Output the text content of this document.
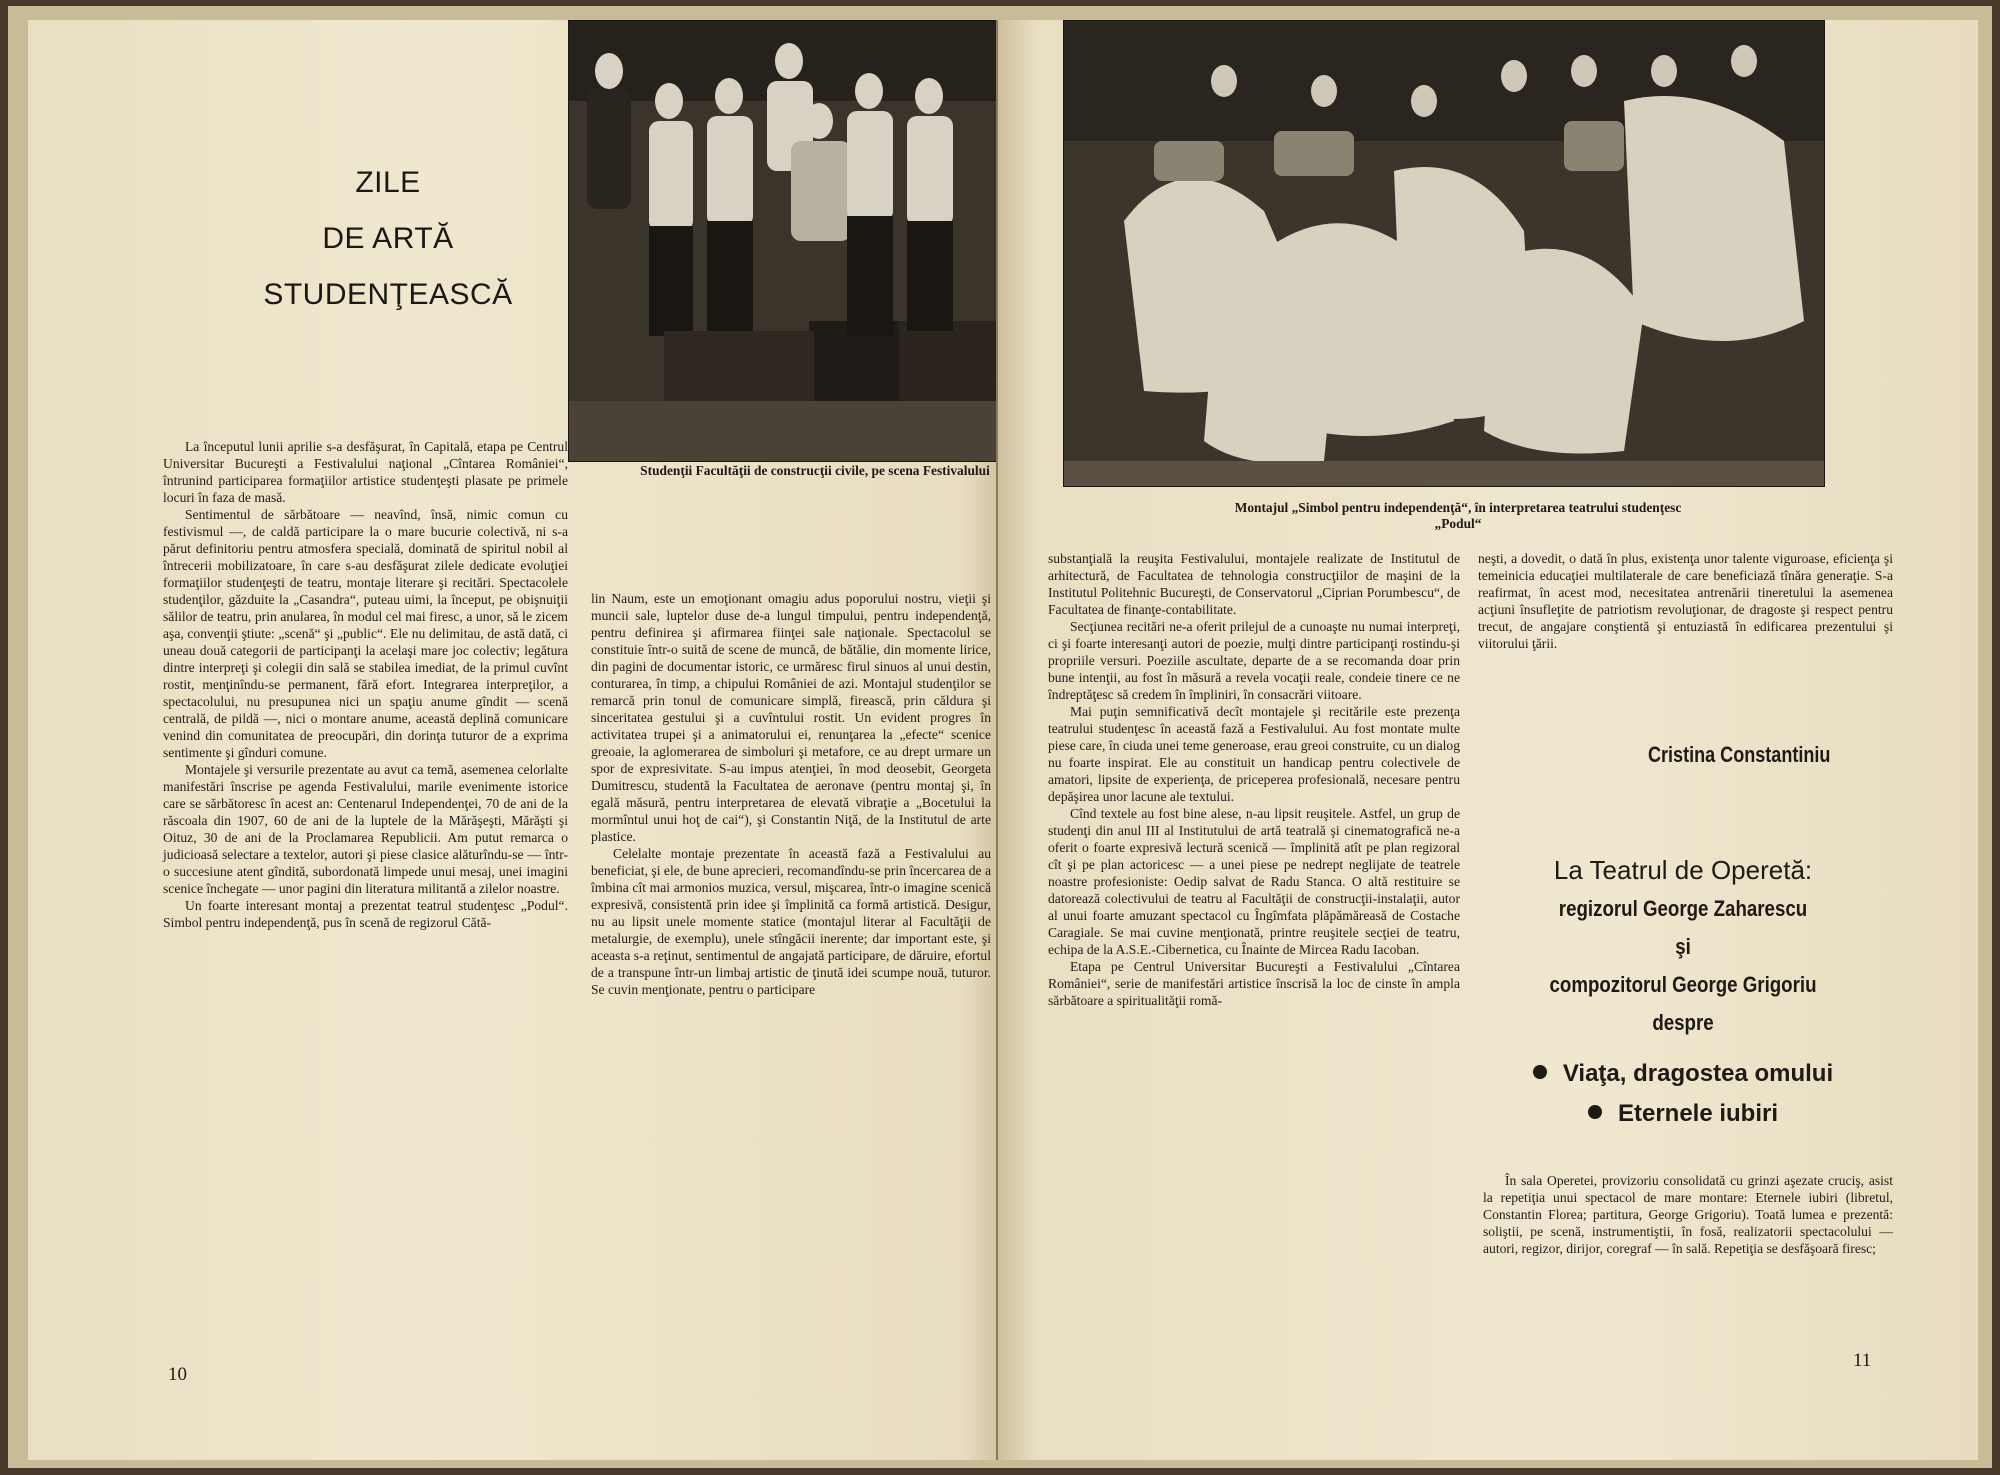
ZILE
DE ARTĂ
STUDENŢEASCĂ
Studenţii Facultăţii de construcţii civile, pe scena Festivalului

La începutul lunii aprilie s-a desfăşurat, în Capitală, etapa pe Centrul Universitar Bucureşti a Festivalului naţional „Cîntarea României“, întrunind participarea formaţiilor artistice studenţeşti plasate pe primele locuri în faza de masă.

Sentimentul de sărbătoare — neavînd, însă, nimic comun cu festivismul —, de caldă participare la o mare bucurie colectivă, ni s-a părut definitoriu pentru atmosfera specială, dominată de spiritul nobil al întrecerii mobilizatoare, în care s-au desfăşurat zilele dedicate evoluţiei formaţiilor studenţeşti de teatru, montaje literare şi recitări. Spectacolele studenţilor, găzduite la „Casandra“, puteau uimi, la început, pe obişnuiţii sălilor de teatru, prin anularea, în modul cel mai firesc, a unor, să le zicem aşa, convenţii ştiute: „scenă“ şi „public“. Ele nu delimitau, de astă dată, ci uneau două categorii de participanţi la acelaşi mare joc colectiv; legătura dintre interpreţi şi colegii din sală se stabilea imediat, de la primul cuvînt rostit, menţinîndu-se permanent, fără efort. Integrarea interpreţilor, a spectacolului, nu presupunea nici un spaţiu anume gîndit — scenă centrală, de pildă —, nici o montare anume, această deplină comunicare venind din comunitatea de preocupări, din dorinţa tuturor de a exprima sentimente şi gînduri comune.

Montajele şi versurile prezentate au avut ca temă, asemenea celorlalte manifestări înscrise pe agenda Festivalului, marile evenimente istorice care se sărbătoresc în acest an: Centenarul Independenţei, 70 de ani de la răscoala din 1907, 60 de ani de la luptele de la Mărăşeşti, Mărăşti şi Oituz, 30 de ani de la Proclamarea Republicii. Am putut remarca o judicioasă selectare a textelor, autori şi piese clasice alăturîndu-se — într-o succesiune atent gîndită, subordonată limpede unui mesaj, unei imagini scenice închegate — unor pagini din literatura militantă a zilelor noastre.

Un foarte interesant montaj a prezentat teatrul studenţesc „Podul“. Simbol pentru independenţă, pus în scenă de regizorul Cătă-

lin Naum, este un emoţionant omagiu adus poporului nostru, vieţii şi muncii sale, luptelor duse de-a lungul timpului, pentru independenţă, pentru definirea şi afirmarea fiinţei sale naţionale. Spectacolul se constituie într-o suită de scene de muncă, de bătălie, din momente lirice, din pagini de documentar istoric, ce urmăresc firul sinuos al unui destin, conturarea, în timp, a chipului României de azi. Montajul studenţilor se remarcă prin tonul de comunicare simplă, firească, prin căldura şi sinceritatea gestului şi a cuvîntului rostit. Un evident progres în activitatea trupei şi a animatorului ei, renunţarea la „efecte“ scenice greoaie, la aglomerarea de simboluri şi metafore, ce au drept urmare un spor de expresivitate. S-au impus atenţiei, în mod deosebit, Georgeta Dumitrescu, studentă la Facultatea de aeronave (pentru montaj şi, în egală măsură, pentru interpretarea de elevată vibraţie a „Bocetului la mormîntul unui hoţ de cai“), şi Constantin Niţă, de la Institutul de arte plastice.

Celelalte montaje prezentate în această fază a Festivalului au beneficiat, şi ele, de bune aprecieri, recomandîndu-se prin încercarea de a îmbina cît mai armonios muzica, versul, mişcarea, într-o imagine scenică expresivă, consistentă prin idee şi împlinită ca formă artistică. Desigur, nu au lipsit unele momente statice (montajul literar al Facultăţii de metalurgie, de exemplu), unele stîngăcii inerente; dar important este, şi aceasta s-a reţinut, sentimentul de angajată participare, de dăruire, efortul de a transpune într-un limbaj artistic de ţinută idei scumpe nouă, tuturor. Se cuvin menţionate, pentru o participare

10
Montajul „Simbol pentru independenţă“, în interpretarea teatrului studenţesc
„Podul“

substanţială la reuşita Festivalului, montajele realizate de Institutul de arhitectură, de Facultatea de tehnologia construcţiilor de maşini de la Institutul Politehnic Bucureşti, de Conservatorul „Ciprian Porumbescu“, de Facultatea de finanţe-contabilitate.

Secţiunea recitări ne-a oferit prilejul de a cunoaşte nu numai interpreţi, ci şi foarte interesanţi autori de poezie, mulţi dintre participanţi rostindu-şi propriile versuri. Poeziile ascultate, departe de a se recomanda doar prin bune intenţii, au fost în măsură a revela vocaţii reale, condeie tinere ce ne îndreptăţesc să credem în împliniri, în consacrări viitoare.

Mai puţin semnificativă decît montajele şi recitările este prezenţa teatrului studenţesc în această fază a Festivalului. Au fost montate multe piese care, în ciuda unei teme generoase, erau greoi construite, cu un dialog nu foarte inspirat. Ele au constituit un handicap pentru colectivele de amatori, lipsite de experienţa, de priceperea profesională, necesare pentru depăşirea unor lacune ale textului.

Cînd textele au fost bine alese, n-au lipsit reuşitele. Astfel, un grup de studenţi din anul III al Institutului de artă teatrală şi cinematografică ne-a oferit o foarte expresivă lectură scenică — împlinită atît pe plan regizoral cît şi pe plan actoricesc — a unei piese pe nedrept neglijate de teatrele noastre profesioniste: Oedip salvat de Radu Stanca. O altă restituire se datorează colectivului de teatru al Facultăţii de construcţii-instalaţii, autor al unui foarte amuzant spectacol cu Îngîmfata plăpămăreasă de Costache Caragiale. Se mai cuvine menţionată, printre reuşitele secţiei de teatru, echipa de la A.S.E.-Cibernetica, cu Înainte de Mircea Radu Iacoban.

Etapa pe Centrul Universitar Bucureşti a Festivalului „Cîntarea României“, serie de manifestări artistice înscrisă la loc de cinste în ampla sărbătoare a spiritualităţii romă-

neşti, a dovedit, o dată în plus, existenţa unor talente viguroase, eficienţa şi temeinicia educaţiei multilaterale de care beneficiază tînăra generaţie. S-a reafirmat, în acest mod, necesitatea antrenării tineretului la asemenea acţiuni însufleţite de patriotism revoluţionar, de dragoste şi respect pentru trecut, de angajare conştientă şi entuziastă în edificarea prezentului şi viitorului ţării.

Cristina Constantiniu
La Teatrul de Operetă:
regizorul George Zaharescu
şi
compozitorul George Grigoriu
despre
Viaţa, dragostea omului
Eternele iubiri

În sala Operetei, provizoriu consolidată cu grinzi aşezate cruciş, asist la repetiţia unui spectacol de mare montare: Eternele iubiri (libretul, Constantin Florea; partitura, George Grigoriu). Toată lumea e prezentă: soliştii, pe scenă, instrumentiştii, în fosă, realizatorii spectacolului — autori, regizor, dirijor, coregraf — în sală. Repetiţia se desfăşoară firesc;

11
